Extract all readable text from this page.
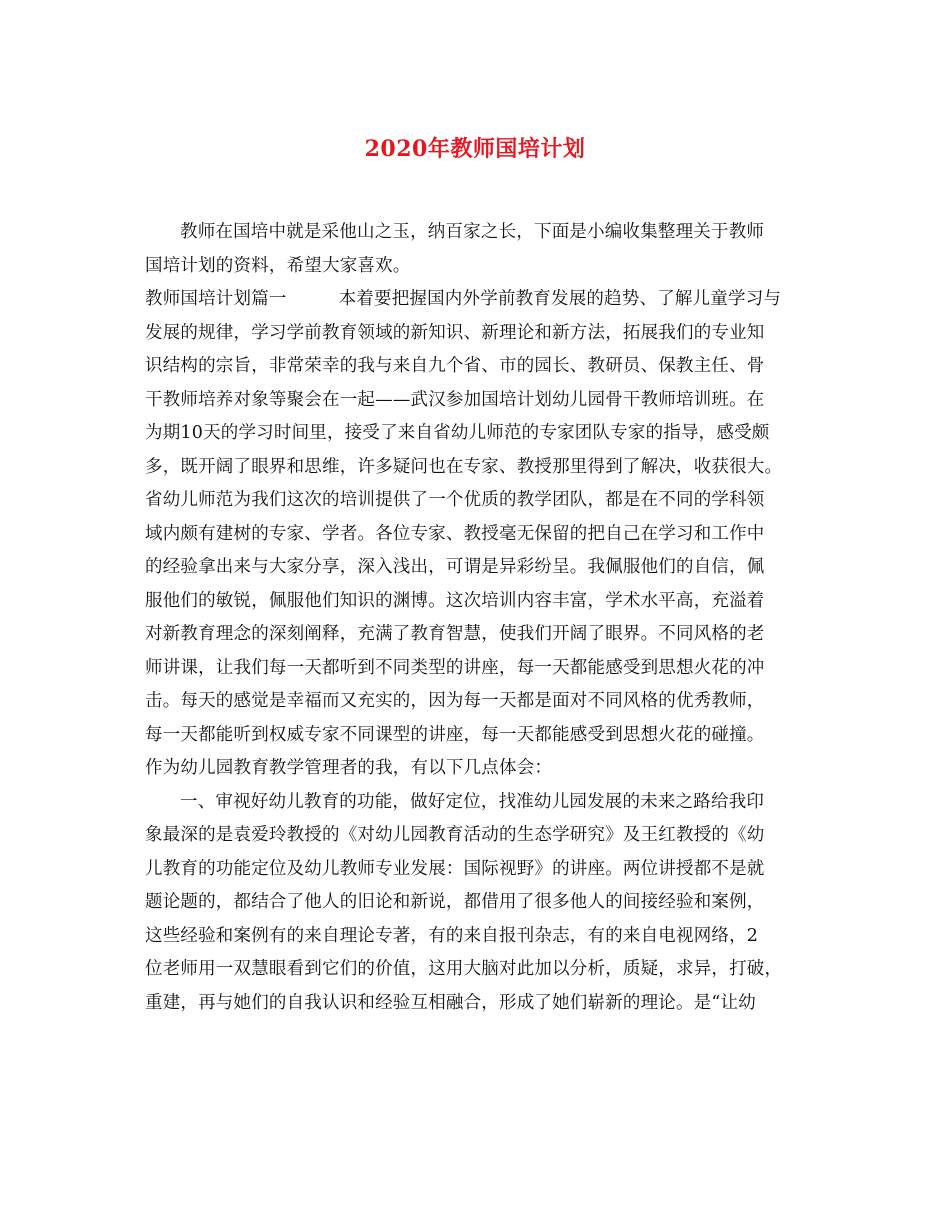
2020年教师国培计划
教师在国培中就是采他山之玉，纳百家之长，下面是小编收集整理关于教师
国培计划的资料，希望大家喜欢。
教师国培计划篇一	本着要把握国内外学前教育发展的趋势、了解儿童学习与
发展的规律，学习学前教育领域的新知识、新理论和新方法，拓展我们的专业知
识结构的宗旨，非常荣幸的我与来自九个省、市的园长、教研员、保教主任、骨
干教师培养对象等聚会在一起——武汉参加国培计划幼儿园骨干教师培训班。在
为期10天的学习时间里，接受了来自省幼儿师范的专家团队专家的指导，感受颇
多，既开阔了眼界和思维，许多疑问也在专家、教授那里得到了解决，收获很大。
省幼儿师范为我们这次的培训提供了一个优质的教学团队，都是在不同的学科领
域内颇有建树的专家、学者。各位专家、教授毫无保留的把自己在学习和工作中
的经验拿出来与大家分享，深入浅出，可谓是异彩纷呈。我佩服他们的自信，佩
服他们的敏锐，佩服他们知识的渊博。这次培训内容丰富，学术水平高，充溢着
对新教育理念的深刻阐释，充满了教育智慧，使我们开阔了眼界。不同风格的老
师讲课，让我们每一天都听到不同类型的讲座，每一天都能感受到思想火花的冲
击。每天的感觉是幸福而又充实的，因为每一天都是面对不同风格的优秀教师，
每一天都能听到权威专家不同课型的讲座，每一天都能感受到思想火花的碰撞。
作为幼儿园教育教学管理者的我，有以下几点体会：
一、审视好幼儿教育的功能，做好定位，找准幼儿园发展的未来之路给我印
象最深的是袁爱玲教授的《对幼儿园教育活动的生态学研究》及王红教授的《幼
儿教育的功能定位及幼儿教师专业发展：国际视野》的讲座。两位讲授都不是就
题论题的，都结合了他人的旧论和新说，都借用了很多他人的间接经验和案例，
这些经验和案例有的来自理论专著，有的来自报刊杂志，有的来自电视网络，2
位老师用一双慧眼看到它们的价值，这用大脑对此加以分析，质疑，求异，打破，
重建，再与她们的自我认识和经验互相融合，形成了她们崭新的理论。是“让幼
